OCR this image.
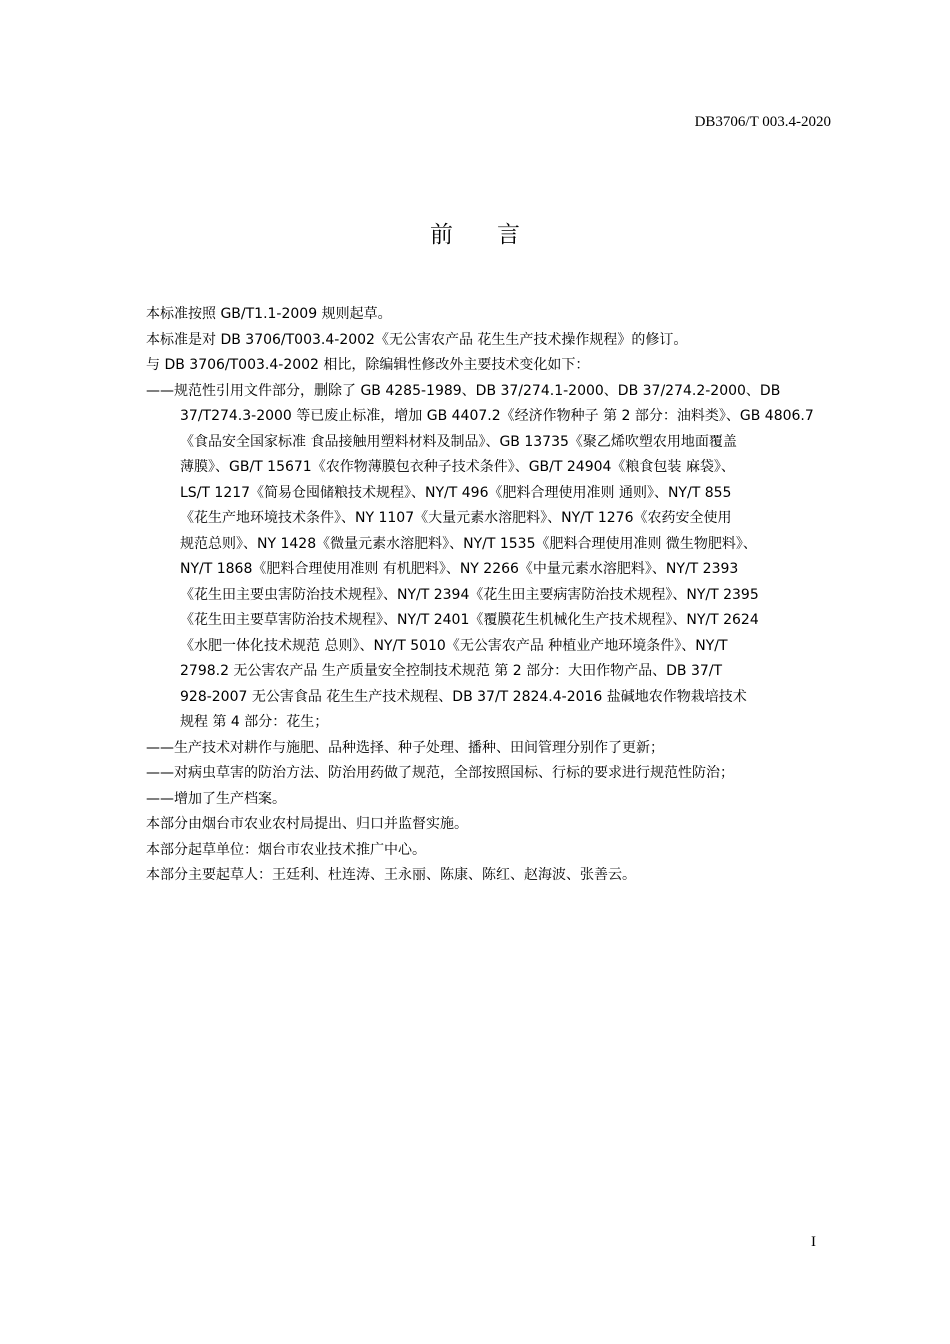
DB3706/T 003.4-2020
前言
本标准按照 GB/T1.1-2009 规则起草。
本标准是对 DB 3706/T003.4-2002《无公害农产品 花生生产技术操作规程》的修订。
与 DB 3706/T003.4-2002 相比，除编辑性修改外主要技术变化如下：
——规范性引用文件部分，删除了 GB 4285-1989、DB 37/274.1-2000、DB 37/274.2-2000、DB
37/T274.3-2000 等已废止标准，增加 GB 4407.2《经济作物种子 第 2 部分：油料类》、GB 4806.7
《食品安全国家标准 食品接触用塑料材料及制品》、GB 13735《聚乙烯吹塑农用地面覆盖
薄膜》、GB/T 15671《农作物薄膜包衣种子技术条件》、GB/T 24904《粮食包装 麻袋》、
LS/T 1217《简易仓囤储粮技术规程》、NY/T 496《肥料合理使用准则 通则》、NY/T 855
《花生产地环境技术条件》、NY 1107《大量元素水溶肥料》、NY/T 1276《农药安全使用
规范总则》、NY 1428《微量元素水溶肥料》、NY/T 1535《肥料合理使用准则 微生物肥料》、
NY/T 1868《肥料合理使用准则 有机肥料》、NY 2266《中量元素水溶肥料》、NY/T 2393
《花生田主要虫害防治技术规程》、NY/T 2394《花生田主要病害防治技术规程》、NY/T 2395
《花生田主要草害防治技术规程》、NY/T 2401《覆膜花生机械化生产技术规程》、NY/T 2624
《水肥一体化技术规范 总则》、NY/T 5010《无公害农产品 种植业产地环境条件》、NY/T
2798.2 无公害农产品 生产质量安全控制技术规范 第 2 部分：大田作物产品、DB 37/T
928-2007 无公害食品 花生生产技术规程、DB 37/T 2824.4-2016 盐碱地农作物栽培技术
规程 第 4 部分：花生；
——生产技术对耕作与施肥、品种选择、种子处理、播种、田间管理分别作了更新；
——对病虫草害的防治方法、防治用药做了规范，全部按照国标、行标的要求进行规范性防治；
——增加了生产档案。
本部分由烟台市农业农村局提出、归口并监督实施。
本部分起草单位：烟台市农业技术推广中心。
本部分主要起草人：王廷利、杜连涛、王永丽、陈康、陈红、赵海波、张善云。
I
